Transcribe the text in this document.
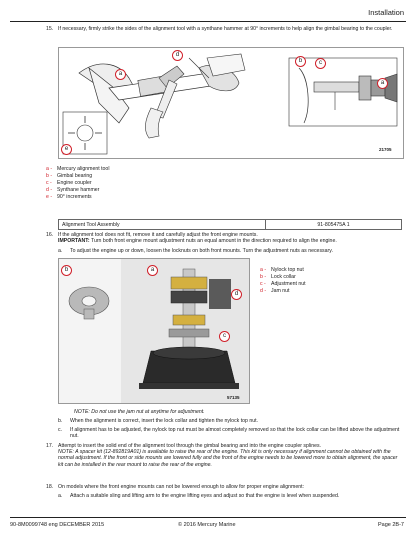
Installation
15. If necessary, firmly strike the sides of the alignment tool with a synthane hammer at 90° increments to help align the gimbal bearing to the coupler.
d
a
e
b	c
a
21705
a - Mercury alignment tool
b - Gimbal bearing
c - Engine coupler
d - Synthane hammer
e - 90° increments
Alignment Tool Assembly	91-805475A 1
16. If the alignment tool does not fit, remove it and carefully adjust the front engine mounts.
IMPORTANT: Turn both front engine mount adjustment nuts an equal amount in the direction required to align the engine.
a. To adjust the engine up or down, loosen the locknuts on both front mounts. Turn the adjustment nuts as necessary.
b	a
d
c
57135
a - Nylock top nut
b - Lock collar
c - Adjustment nut
d - Jam nut
NOTE: Do not use the jam nut at anytime for adjustment.
b. When the alignment is correct, insert the lock collar and tighten the nylock top nut.
c. If alignment has to be adjusted, the nylock top nut must be almost completely removed so that the lock collar can be lifted above the adjustment nut.
17. Attempt to insert the solid end of the alignment tool through the gimbal bearing and into the engine coupler splines.
NOTE: A spacer kit (12-892819A01) is available to raise the rear of the engine. This kit is only necessary if alignment cannot be obtained with the normal adjustment. If the front or side mounts are lowered fully and the front of the engine needs to be lowered more to obtain alignment, the spacer kit can be installed in the rear mount to raise the rear of the engine.
18. On models where the front engine mounts can not be lowered enough to allow for proper engine alignment:
a. Attach a suitable sling and lifting arm to the engine lifting eyes and adjust so that the engine is level when suspended.
90-8M0099748 eng DECEMBER 2015	© 2016 Mercury Marine	Page 2B-7
